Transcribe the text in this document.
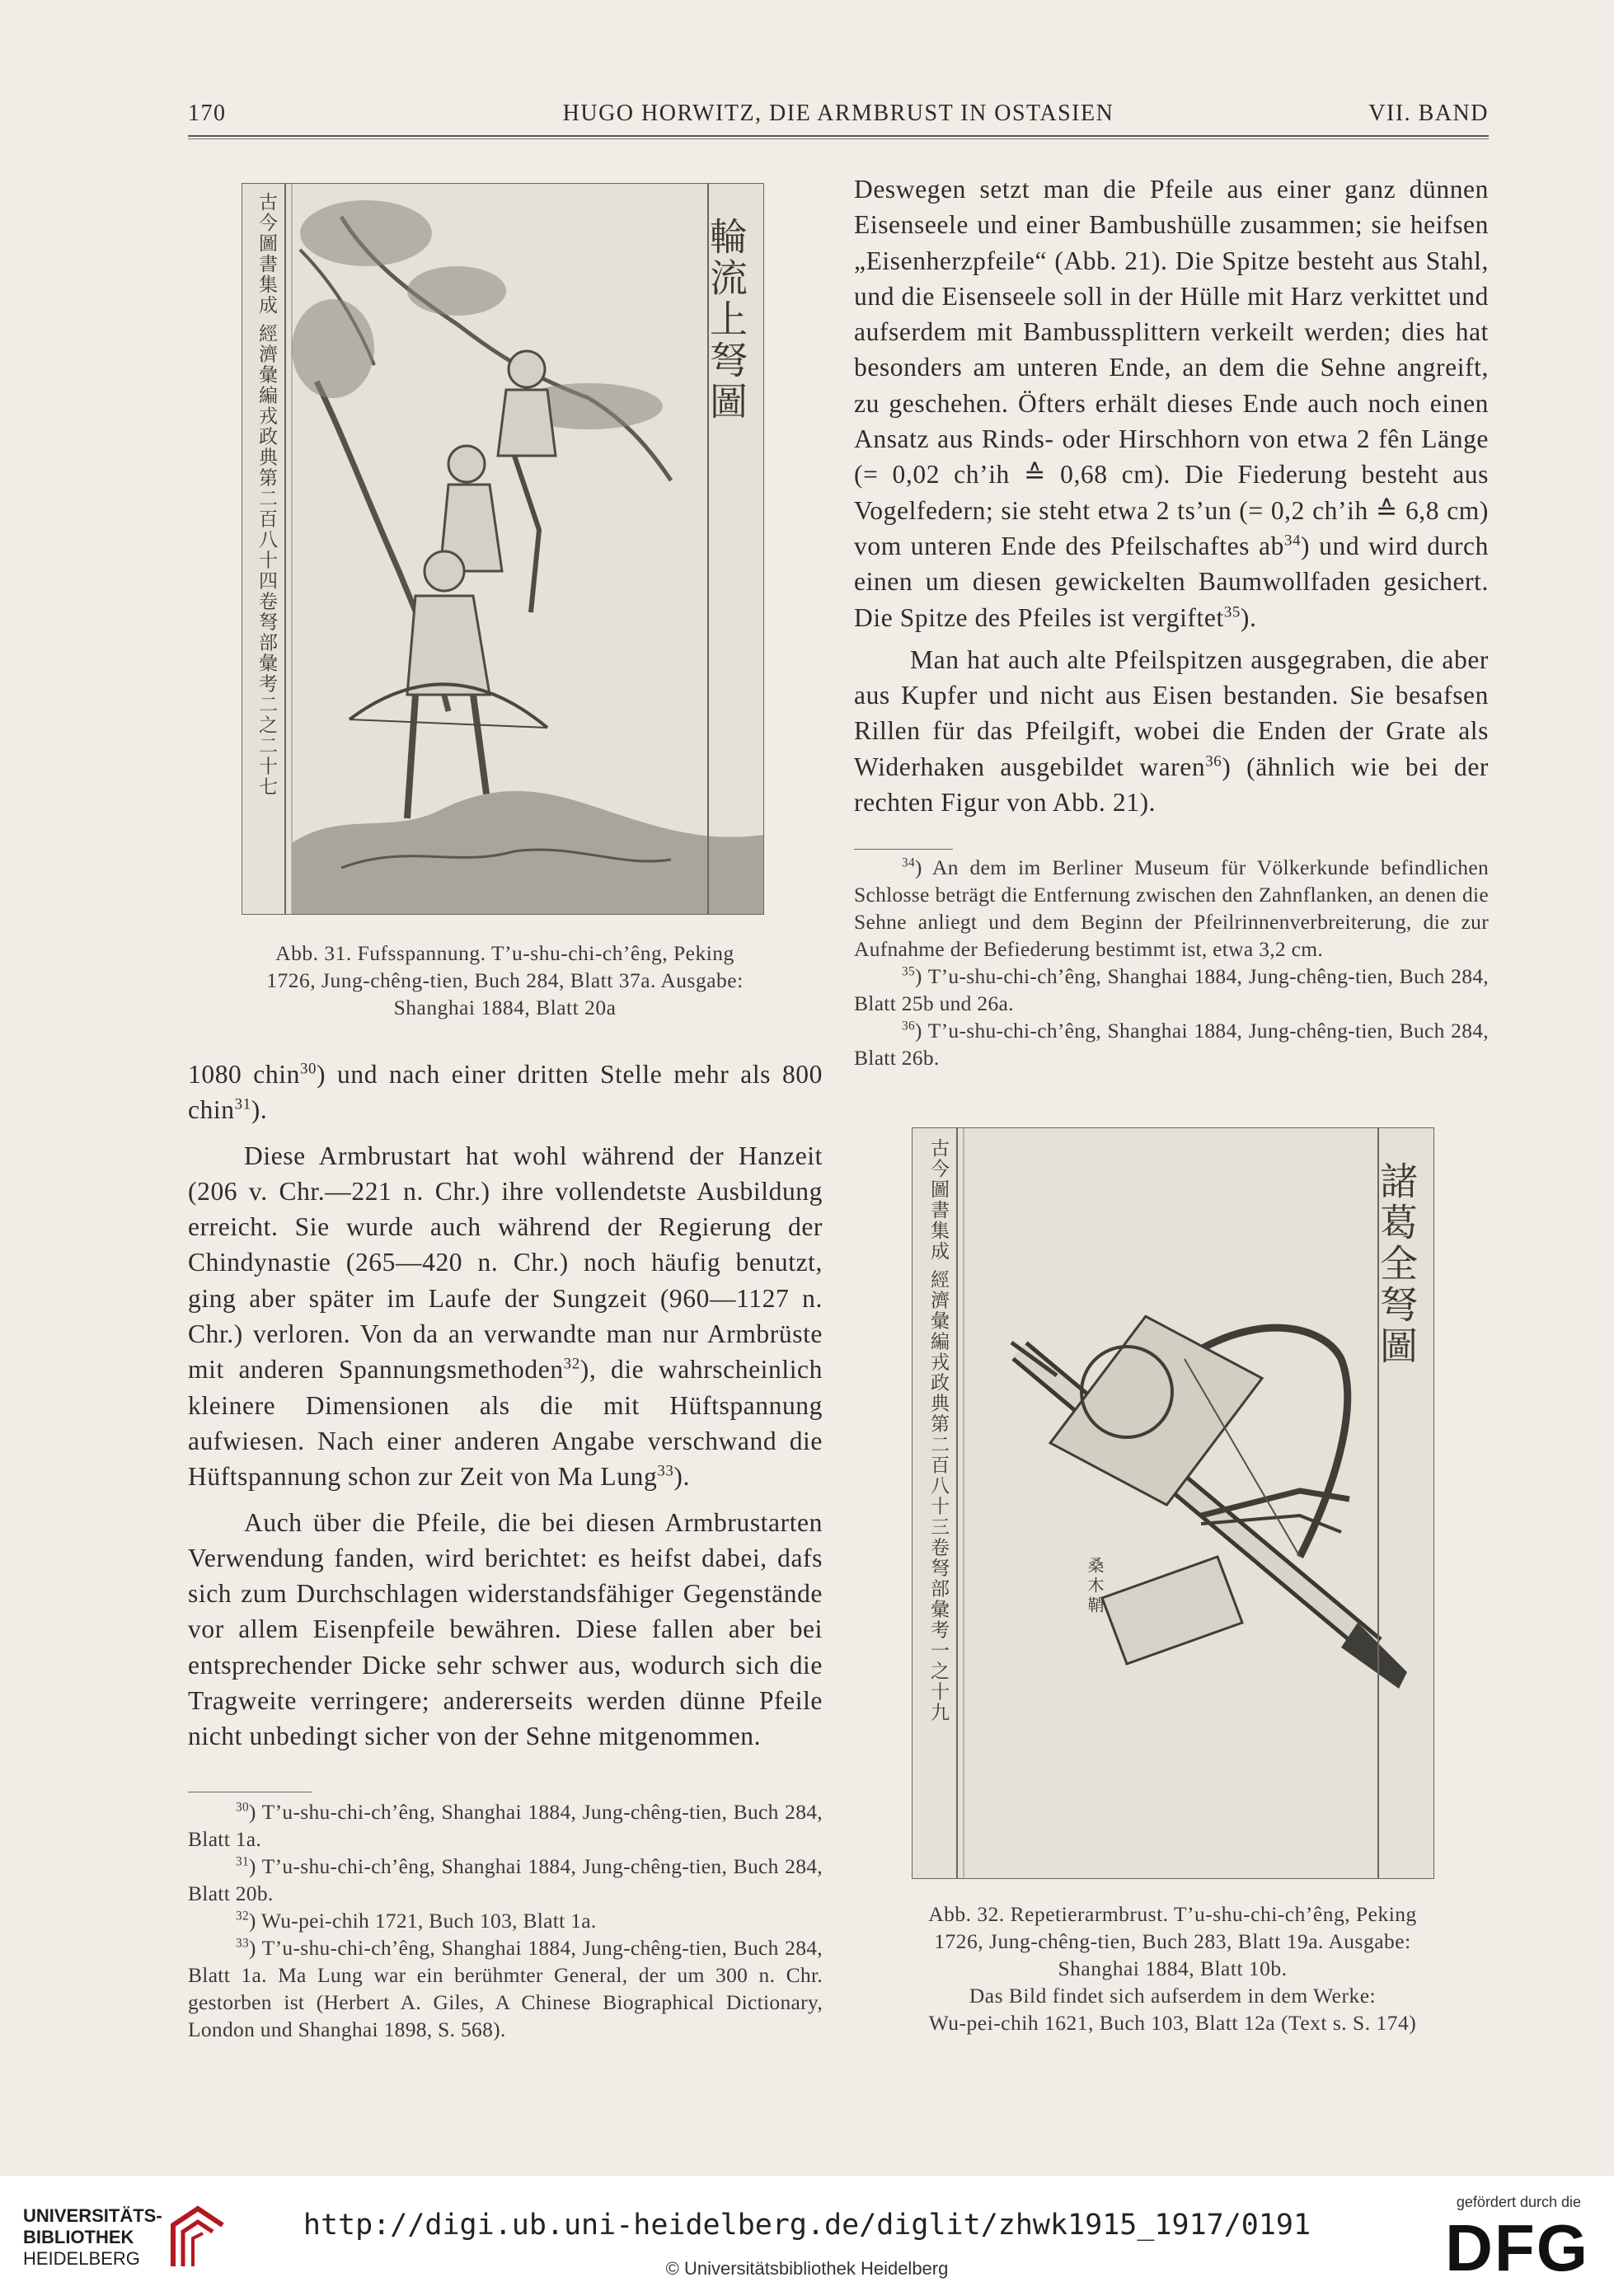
170	HUGO HORWITZ, DIE ARMBRUST IN OSTASIEN	VII. BAND
輪流上弩圖
古今圖書集成 經濟彙編戎政典第二百八十四卷弩部彙考二之二十七
Abb. 31. Fufsspannung. T’u-shu-chi-ch’êng, Peking
1726, Jung-chêng-tien, Buch 284, Blatt 37a. Ausgabe:
Shanghai 1884, Blatt 20a

1080 chin$^{30}$) und nach einer dritten Stelle mehr als 800 chin$^{31}$).

Diese Armbrustart hat wohl während der Hanzeit (206 v. Chr.—221 n. Chr.) ihre vollendetste Ausbildung erreicht. Sie wurde auch während der Regierung der Chindynastie (265—420 n. Chr.) noch häufig benutzt, ging aber später im Laufe der Sungzeit (960—1127 n. Chr.) verloren. Von da an verwandte man nur Armbrüste mit anderen Spannungsmethoden$^{32}$), die wahrscheinlich kleinere Dimensionen als die mit Hüftspannung aufwiesen. Nach einer anderen Angabe verschwand die Hüftspannung schon zur Zeit von Ma Lung$^{33}$).

Auch über die Pfeile, die bei diesen Armbrustarten Verwendung fanden, wird berichtet: es heifst dabei, dafs sich zum Durchschlagen widerstandsfähiger Gegenstände vor allem Eisenpfeile bewähren. Diese fallen aber bei entsprechender Dicke sehr schwer aus, wodurch sich die Tragweite verringere; andererseits werden dünne Pfeile nicht unbedingt sicher von der Sehne mitgenommen.

$^{30}$) T’u-shu-chi-ch’êng, Shanghai 1884, Jung-chêng-tien, Buch 284, Blatt 1a.

$^{31}$) T’u-shu-chi-ch’êng, Shanghai 1884, Jung-chêng-tien, Buch 284, Blatt 20b.

$^{32}$) Wu-pei-chih 1721, Buch 103, Blatt 1a.

$^{33}$) T’u-shu-chi-ch’êng, Shanghai 1884, Jung-chêng-tien, Buch 284, Blatt 1a. Ma Lung war ein berühmter General, der um 300 n. Chr. gestorben ist (Herbert A. Giles, A Chinese Biographical Dictionary, London und Shanghai 1898, S. 568).

Deswegen setzt man die Pfeile aus einer ganz dünnen Eisenseele und einer Bambushülle zusammen; sie heifsen „Eisenherzpfeile“ (Abb. 21). Die Spitze besteht aus Stahl, und die Eisenseele soll in der Hülle mit Harz verkittet und aufserdem mit Bambussplittern verkeilt werden; dies hat besonders am unteren Ende, an dem die Sehne angreift, zu geschehen. Öfters erhält dieses Ende auch noch einen Ansatz aus Rinds- oder Hirschhorn von etwa 2 fên Länge (= 0,02 ch’ih ≙ 0,68 cm). Die Fiederung besteht aus Vogelfedern; sie steht etwa 2 ts’un (= 0,2 ch’ih ≙ 6,8 cm) vom unteren Ende des Pfeilschaftes $ab^{34}$) und wird durch einen um diesen gewickelten Baumwollfaden gesichert. Die Spitze des Pfeiles ist vergiftet$^{35}$).

Man hat auch alte Pfeilspitzen ausgegraben, die aber aus Kupfer und nicht aus Eisen bestanden. Sie besafsen Rillen für das Pfeilgift, wobei die Enden der Grate als Widerhaken ausgebildet waren$^{36}$) (ähnlich wie bei der rechten Figur von Abb. 21).

$^{34}$) An dem im Berliner Museum für Völkerkunde befindlichen Schlosse beträgt die Entfernung zwischen den Zahnflanken, an denen die Sehne anliegt und dem Beginn der Pfeilrinnenverbreiterung, die zur Aufnahme der Befiederung bestimmt ist, etwa 3,2 cm.

$^{35}$) T’u-shu-chi-ch’êng, Shanghai 1884, Jung-chêng-tien, Buch 284, Blatt 25b und 26a.

$^{36}$) T’u-shu-chi-ch’êng, Shanghai 1884, Jung-chêng-tien, Buch 284, Blatt 26b.

諸葛全弩圖
古今圖書集成 經濟彙編戎政典第二百八十三卷弩部彙考一之十九	桑木鞘
Abb. 32. Repetierarmbrust. T’u-shu-chi-ch’êng, Peking
1726, Jung-chêng-tien, Buch 283, Blatt 19a. Ausgabe:
Shanghai 1884, Blatt 10b.
Das Bild findet sich aufserdem in dem Werke:
Wu-pei-chih 1621, Buch 103, Blatt 12a (Text s. S. 174)
UNIVERSITÄTS-
BIBLIOTHEK
HEIDELBERG
http://digi.ub.uni-heidelberg.de/diglit/zhwk1915_1917/0191
© Universitätsbibliothek Heidelberg
gefördert durch die
DFG
